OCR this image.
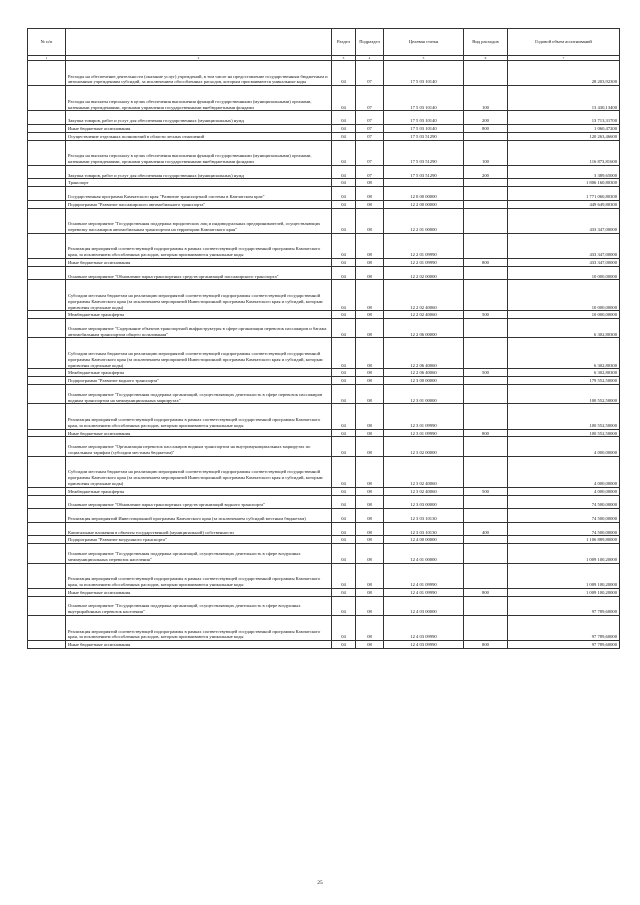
№ п/п		Раздел	Подраздел	Целевая статья	Вид расходов	Годовой объем ассигнований
1	2	3	4	5	6	7
	Расходы на обеспечение деятельности (оказание услуг) учреждений, в том числе на предоставление государственным бюджетным и автономным учреждениям субсидий, за исключением обособленных расходов, которым присваиваются уникальные коды	04	07	17 5 03 10140		28 203,92300
	Расходы на выплаты персоналу в целях обеспечения выполнения функций государственными (муниципальными) органами, казенными учреждениями, органами управления государственными внебюджетными фондами	04	07	17 5 03 10140	100	13 430,13400
	Закупка товаров, работ и услуг для обеспечения государственных (муниципальных) нужд	04	07	17 5 03 10140	200	13 713,31700
	Иные бюджетные ассигнования	04	07	17 5 03 10140	800	1 060,47200
	Осуществление отдельных полномочий в области лесных отношений	04	07	17 5 03 51290		120 263,46600
	Расходы на выплаты персоналу в целях обеспечения выполнения функций государственными (муниципальными) органами, казенными учреждениями, органами управления государственными внебюджетными фондами	04	07	17 5 03 51290	100	116 873,81600
	Закупка товаров, работ и услуг для обеспечения государственных (муниципальных) нужд	04	07	17 5 03 51290	200	3 389,65000
	Транспорт	04	08			1 806 160,80300
	Государственная программа Камчатского края "Развитие транспортной системы в Камчатском крае"	04	08	12 0 00 00000		1 771 060,80300
	Подпрограмма "Развитие пассажирского автомобильного транспорта"	04	08	12 2 00 00000		449 649,80300
	Основное мероприятие "Государственная поддержка юридических лиц и индивидуальных предпринимателей, осуществляющих перевозку пассажиров автомобильным транспортом на территории Камчатского края"	04	08	12 2 01 00000		433 347,00000
	Реализация мероприятий соответствующей подпрограммы в рамках соответствующей государственной программы Камчатского края, за исключением обособленных расходов, которым присваиваются уникальные коды	04	08	12 2 01 09990		433 347,00000
	Иные бюджетные ассигнования	04	08	12 2 01 09990	800	433 347,00000
	Основное мероприятие "Обновление парка транспортных средств организаций пассажирского транспорта"	04	08	12 2 02 00000		10 000,00000
	Субсидии местным бюджетам на реализацию мероприятий соответствующей подпрограммы соответствующей государственной программы Камчатского края (за исключением мероприятий Инвестиционной программы Камчатского края и субсидий, которым присвоены отдельные коды)	04	08	12 2 02 40060		10 000,00000
	Межбюджетные трансферты	04	08	12 2 02 40060	500	10 000,00000
	Основное мероприятие "Содержание объектов транспортной инфраструктуры в сфере организации перевозок пассажиров и багажа автомобильным транспортом общего пользования"	04	08	12 2 06 00000		6 302,80300
	Субсидии местным бюджетам на реализацию мероприятий соответствующей подпрограммы соответствующей государственной программы Камчатского края (за исключением мероприятий Инвестиционной программы Камчатского края и субсидий, которым присвоены отдельные коды)	04	08	12 2 06 40060		6 302,80300
	Межбюджетные трансферты	04	08	12 2 06 40060	500	6 302,80300
	Подпрограмма "Развитие водного транспорта"	04	08	12 3 00 00000		179 552,50000
	Основное мероприятие "Государственная поддержка организаций, осуществляющих деятельность в сфере перевозок пассажиров водным транспортом на межмуниципальных маршрутах"	04	08	12 3 01 00000		100 552,50000
	Реализация мероприятий соответствующей подпрограммы в рамках соответствующей государственной программы Камчатского края, за исключением обособленных расходов, которым присваиваются уникальные коды	04	08	12 3 01 09990		100 552,50000
	Иные бюджетные ассигнования	04	08	12 3 01 09990	800	100 552,50000
	Основное мероприятие "Организация перевозок пассажиров водным транспортом на внутримуниципальных маршрутах по социальным тарифам (субсидии местным бюджетам)"	04	08	12 3 02 00000		4 000,00000
	Субсидии местным бюджетам на реализацию мероприятий соответствующей подпрограммы соответствующей государственной программы Камчатского края (за исключением мероприятий Инвестиционной программы Камчатского края и субсидий, которым присвоены отдельные коды)	04	08	12 3 02 40060		4 000,00000
	Межбюджетные трансферты	04	08	12 3 02 40060	500	4 000,00000
	Основное мероприятие "Обновление парка транспортных средств организаций водного транспорта"	04	08	12 3 03 00000		74 500,00000
	Реализация мероприятий Инвестиционной программы Камчатского края (за исключением субсидий местным бюджетам)	04	08	12 3 03 10130		74 500,00000
	Капитальные вложения в объекты государственной (муниципальной) собственности	04	08	12 3 03 10130	400	74 500,00000
	Подпрограмма "Развитие воздушного транспорта"	04	08	12 4 00 00000		1 106 889,80000
	Основное мероприятие "Государственная поддержка организаций, осуществляющих деятельность в сфере воздушных межмуниципальных перевозок населения"	04	08	12 4 01 00000		1 009 100,20000
	Реализация мероприятий соответствующей подпрограммы в рамках соответствующей государственной программы Камчатского края, за исключением обособленных расходов, которым присваиваются уникальные коды	04	08	12 4 01 09990		1 009 100,20000
	Иные бюджетные ассигнования	04	08	12 4 01 09990	800	1 009 100,20000
	Основное мероприятие "Государственная поддержка организаций, осуществляющих деятельность в сфере воздушных внутрирайонных перевозок населения"	04	08	12 4 03 00000		97 789,60000
	Реализация мероприятий соответствующей подпрограммы в рамках соответствующей государственной программы Камчатского края, за исключением обособленных расходов, которым присваиваются уникальные коды	04	08	12 4 03 09990		97 789,60000
	Иные бюджетные ассигнования	04	08	12 4 03 09990	800	97 789,60000
25
